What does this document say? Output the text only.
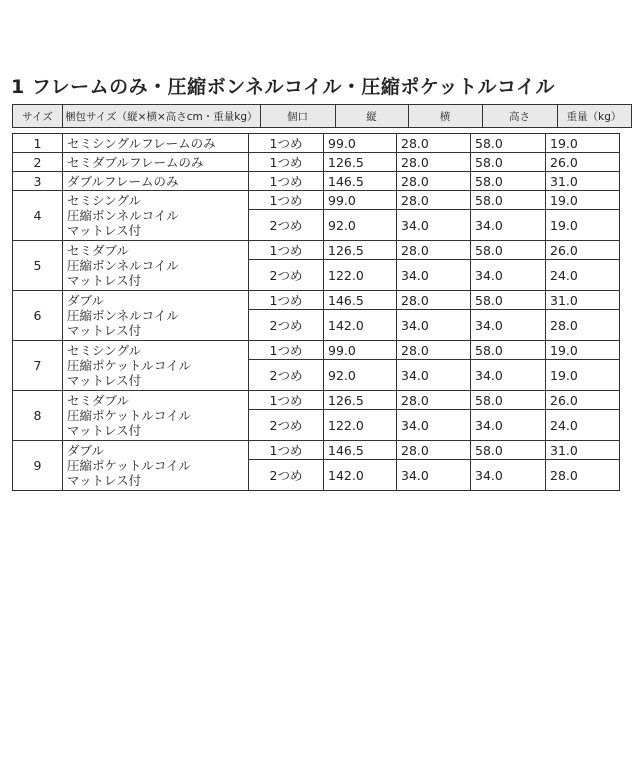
1 フレームのみ・圧縮ボンネルコイル・圧縮ポケットルコイル
サイズ	梱包サイズ（縦×横×高さcm・重量kg）	個口	縦	横	高さ	重量（kg）
1	セミシングルフレームのみ	1つめ	99.0	28.0	58.0	19.0
2	セミダブルフレームのみ	1つめ	126.5	28.0	58.0	26.0
3	ダブルフレームのみ	1つめ	146.5	28.0	58.0	31.0
4	セミシングル
圧縮ボンネルコイル
マットレス付	1つめ	99.0	28.0	58.0	19.0
		2つめ	92.0	34.0	34.0	19.0
5	セミダブル
圧縮ボンネルコイル
マットレス付	1つめ	126.5	28.0	58.0	26.0
		2つめ	122.0	34.0	34.0	24.0
6	ダブル
圧縮ボンネルコイル
マットレス付	1つめ	146.5	28.0	58.0	31.0
		2つめ	142.0	34.0	34.0	28.0
7	セミシングル
圧縮ポケットルコイル
マットレス付	1つめ	99.0	28.0	58.0	19.0
		2つめ	92.0	34.0	34.0	19.0
8	セミダブル
圧縮ポケットルコイル
マットレス付	1つめ	126.5	28.0	58.0	26.0
		2つめ	122.0	34.0	34.0	24.0
9	ダブル
圧縮ポケットルコイル
マットレス付	1つめ	146.5	28.0	58.0	31.0
		2つめ	142.0	34.0	34.0	28.0
